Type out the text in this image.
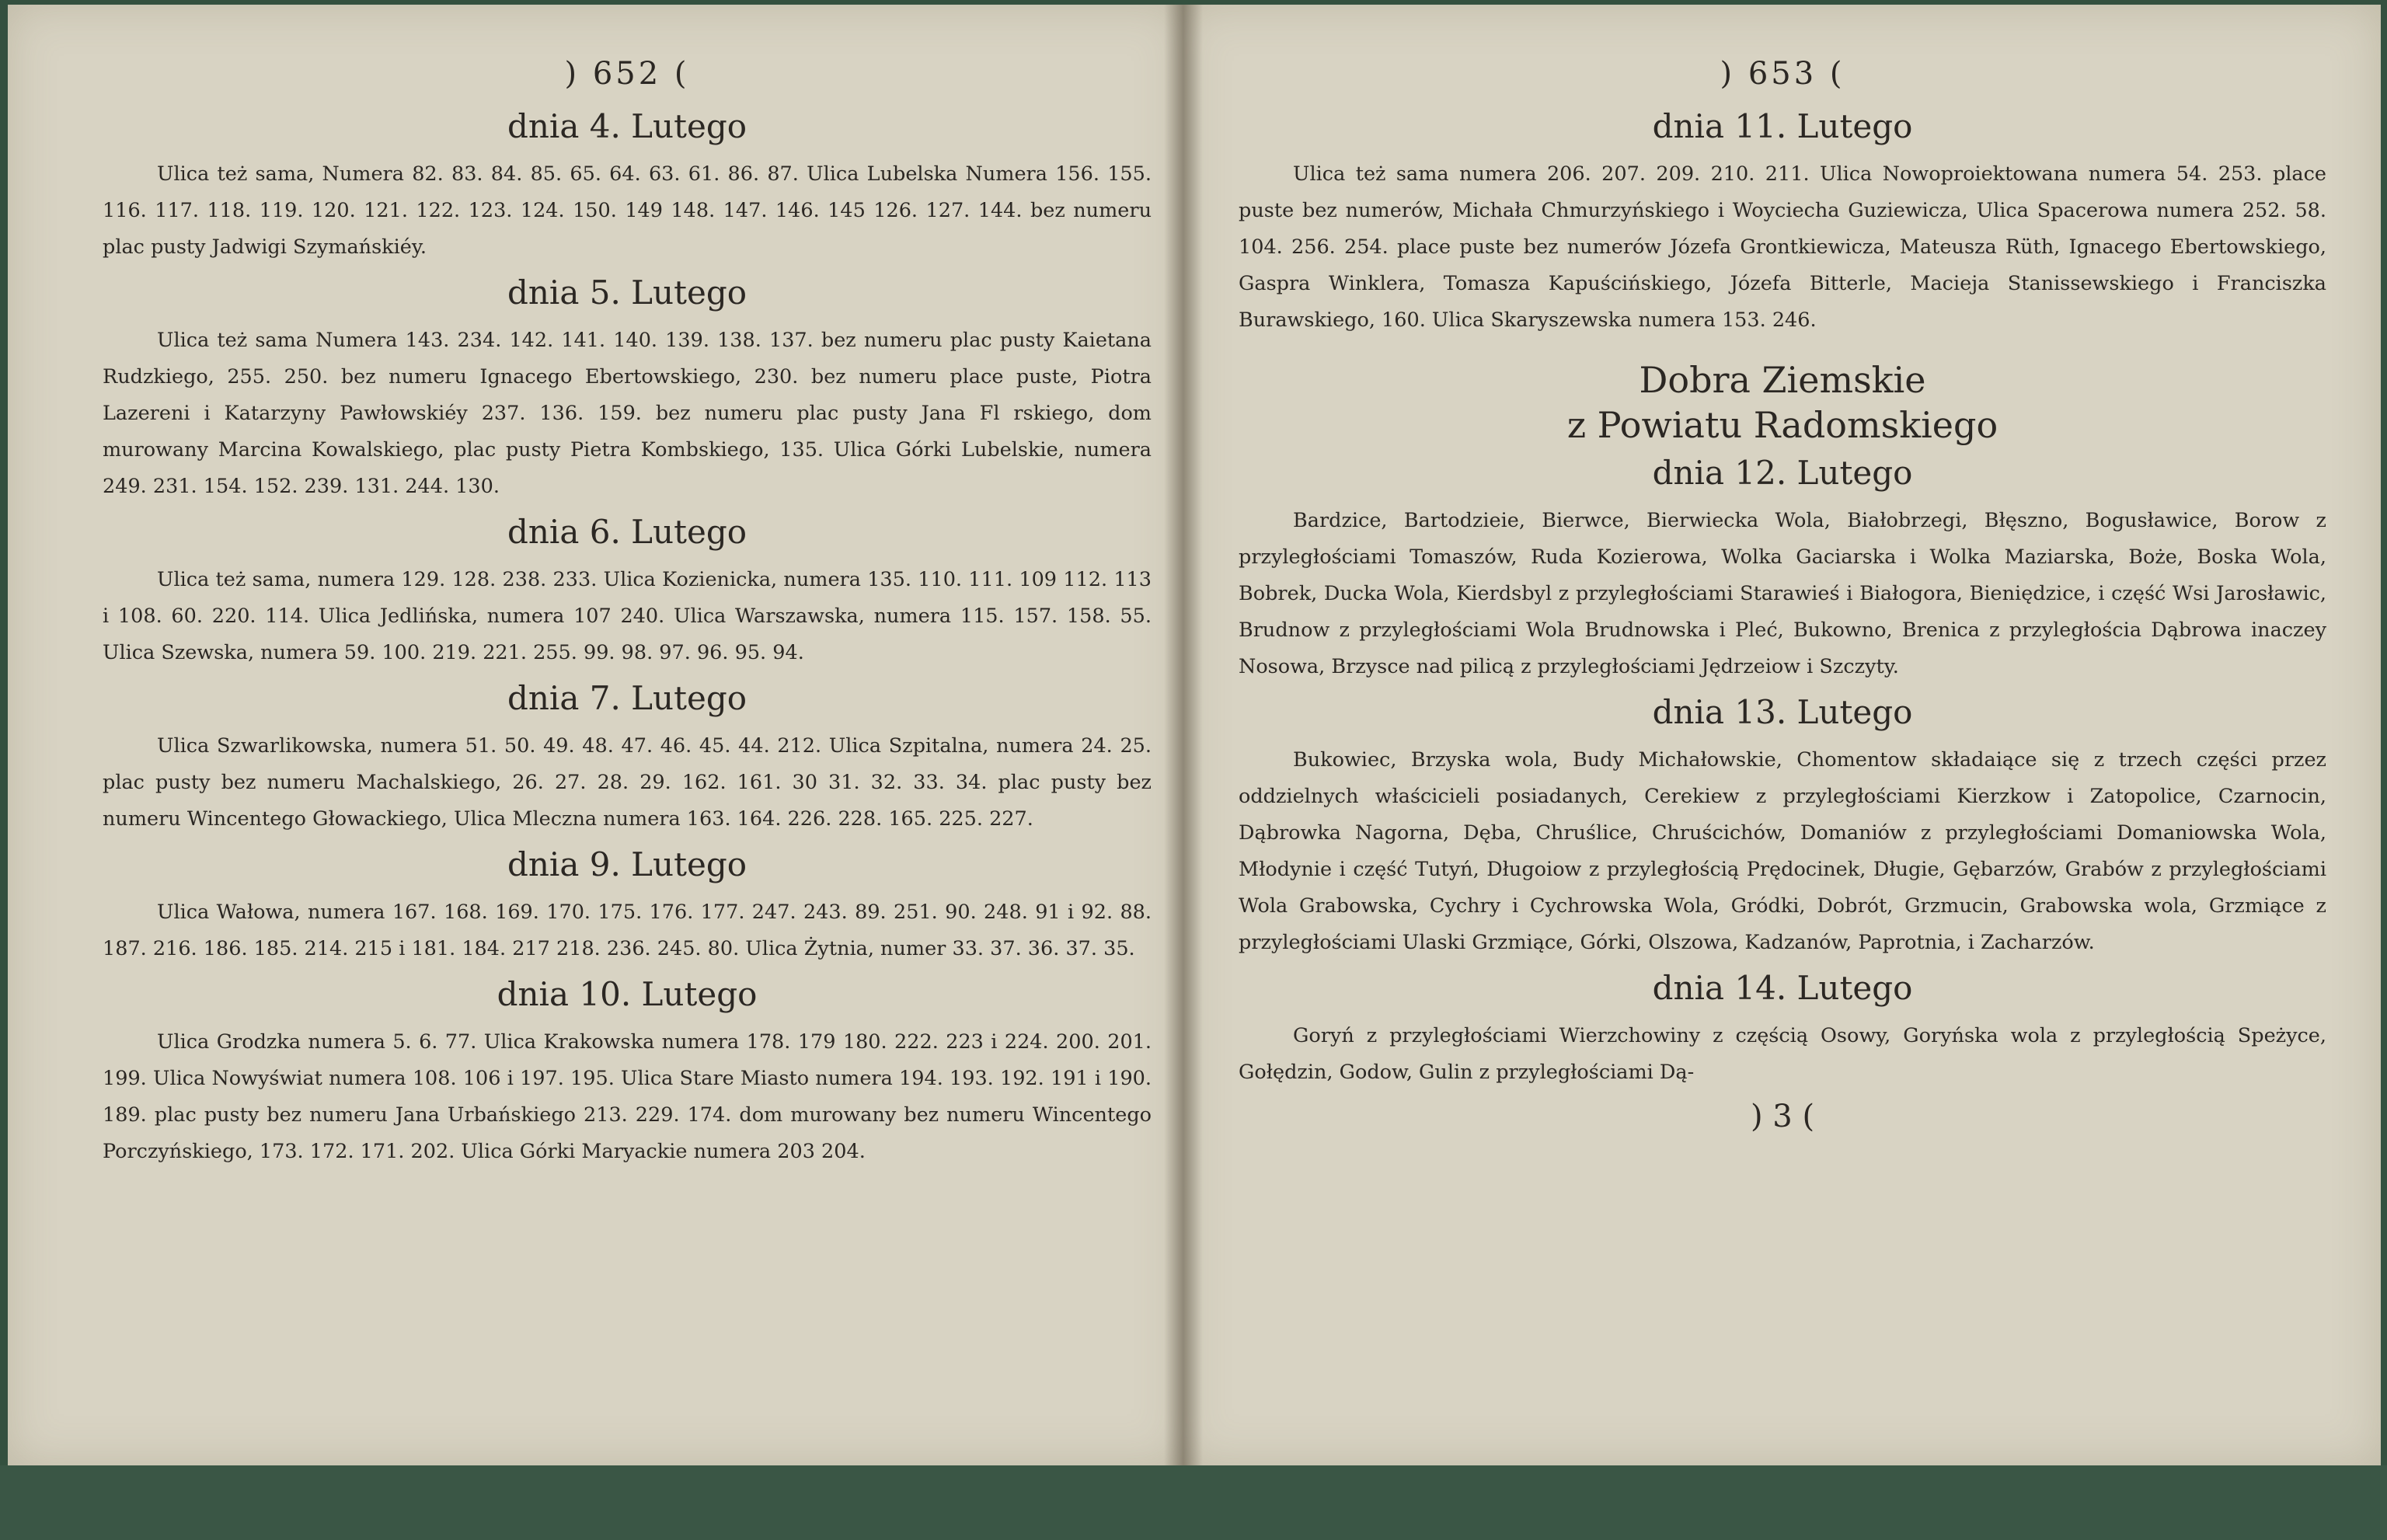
) 652 (
dnia 4. Lutego

Ulica też sama, Numera 82. 83. 84. 85. 65. 64. 63. 61. 86. 87. Ulica Lubelska Numera 156. 155. 116. 117. 118. 119. 120. 121. 122. 123. 124. 150. 149 148. 147. 146. 145 126. 127. 144. bez numeru plac pusty Jadwigi Szymańskiéy.

dnia 5. Lutego

Ulica też sama Numera 143. 234. 142. 141. 140. 139. 138. 137. bez numeru plac pusty Kaietana Rudzkiego, 255. 250. bez numeru Ignacego Ebertowskiego, 230. bez numeru place puste, Piotra Lazereni i Katarzyny Pawłowskiéy 237. 136. 159. bez numeru plac pusty Jana Fl rskiego, dom murowany Marcina Kowalskiego, plac pusty Pietra Kombskiego, 135. Ulica Górki Lubelskie, numera 249. 231. 154. 152. 239. 131. 244. 130.

dnia 6. Lutego

Ulica też sama, numera 129. 128. 238. 233. Ulica Kozienicka, numera 135. 110. 111. 109 112. 113 i 108. 60. 220. 114. Ulica Jedlińska, numera 107 240. Ulica Warszawska, numera 115. 157. 158. 55. Ulica Szewska, numera 59. 100. 219. 221. 255. 99. 98. 97. 96. 95. 94.

dnia 7. Lutego

Ulica Szwarlikowska, numera 51. 50. 49. 48. 47. 46. 45. 44. 212. Ulica Szpitalna, numera 24. 25. plac pusty bez numeru Machalskiego, 26. 27. 28. 29. 162. 161. 30 31. 32. 33. 34. plac pusty bez numeru Wincentego Głowackiego, Ulica Mleczna numera 163. 164. 226. 228. 165. 225. 227.

dnia 9. Lutego

Ulica Wałowa, numera 167. 168. 169. 170. 175. 176. 177. 247. 243. 89. 251. 90. 248. 91 i 92. 88. 187. 216. 186. 185. 214. 215 i 181. 184. 217 218. 236. 245. 80. Ulica Żytnia, numer 33. 37. 36. 37. 35.

dnia 10. Lutego

Ulica Grodzka numera 5. 6. 77. Ulica Krakowska numera 178. 179 180. 222. 223 i 224. 200. 201. 199. Ulica Nowyświat numera 108. 106 i 197. 195. Ulica Stare Miasto numera 194. 193. 192. 191 i 190. 189. plac pusty bez numeru Jana Urbańskiego 213. 229. 174. dom murowany bez numeru Wincentego Porczyńskiego, 173. 172. 171. 202. Ulica Górki Maryackie numera 203 204.

) 653 (
dnia 11. Lutego

Ulica też sama numera 206. 207. 209. 210. 211. Ulica Nowoproiektowana numera 54. 253. place puste bez numerów, Michała Chmurzyńskiego i Woyciecha Guziewicza, Ulica Spacerowa numera 252. 58. 104. 256. 254. place puste bez numerów Józefa Grontkiewicza, Mateusza Rüth, Ignacego Ebertowskiego, Gaspra Winklera, Tomasza Kapuścińskiego, Józefa Bitterle, Macieja Stanissewskiego i Franciszka Burawskiego, 160. Ulica Skaryszewska numera 153. 246.

Dobra Ziemskie
z Powiatu Radomskiego
dnia 12. Lutego

Bardzice, Bartodzieie, Bierwce, Bierwiecka Wola, Białobrzegi, Błęszno, Bogusławice, Borow z przyległościami Tomaszów, Ruda Kozierowa, Wolka Gaciarska i Wolka Maziarska, Boże, Boska Wola, Bobrek, Ducka Wola, Kierdsbyl z przyległościami Starawieś i Białogora, Bieniędzice, i część Wsi Jarosławic, Brudnow z przyległościami Wola Brudnowska i Pleć, Bukowno, Brenica z przyległościa Dąbrowa inaczey Nosowa, Brzysce nad pilicą z przyległościami Jędrzeiow i Szczyty.

dnia 13. Lutego

Bukowiec, Brzyska wola, Budy Michałowskie, Chomentow składaiące się z trzech części przez oddzielnych właścicieli posiadanych, Cerekiew z przyległościami Kierzkow i Zatopolice, Czarnocin, Dąbrowka Nagorna, Dęba, Chruślice, Chruścichów, Domaniów z przyległościami Domaniowska Wola, Młodynie i część Tutyń, Długoiow z przyległością Prędocinek, Długie, Gębarzów, Grabów z przyległościami Wola Grabowska, Cychry i Cychrowska Wola, Gródki, Dobrót, Grzmucin, Grabowska wola, Grzmiące z przyległościami Ulaski Grzmiące, Górki, Olszowa, Kadzanów, Paprotnia, i Zacharzów.

dnia 14. Lutego

Goryń z przyległościami Wierzchowiny z częścią Osowy, Goryńska wola z przyległością Speżyce, Gołędzin, Godow, Gulin z przyległościami Dą-

) 3 (
